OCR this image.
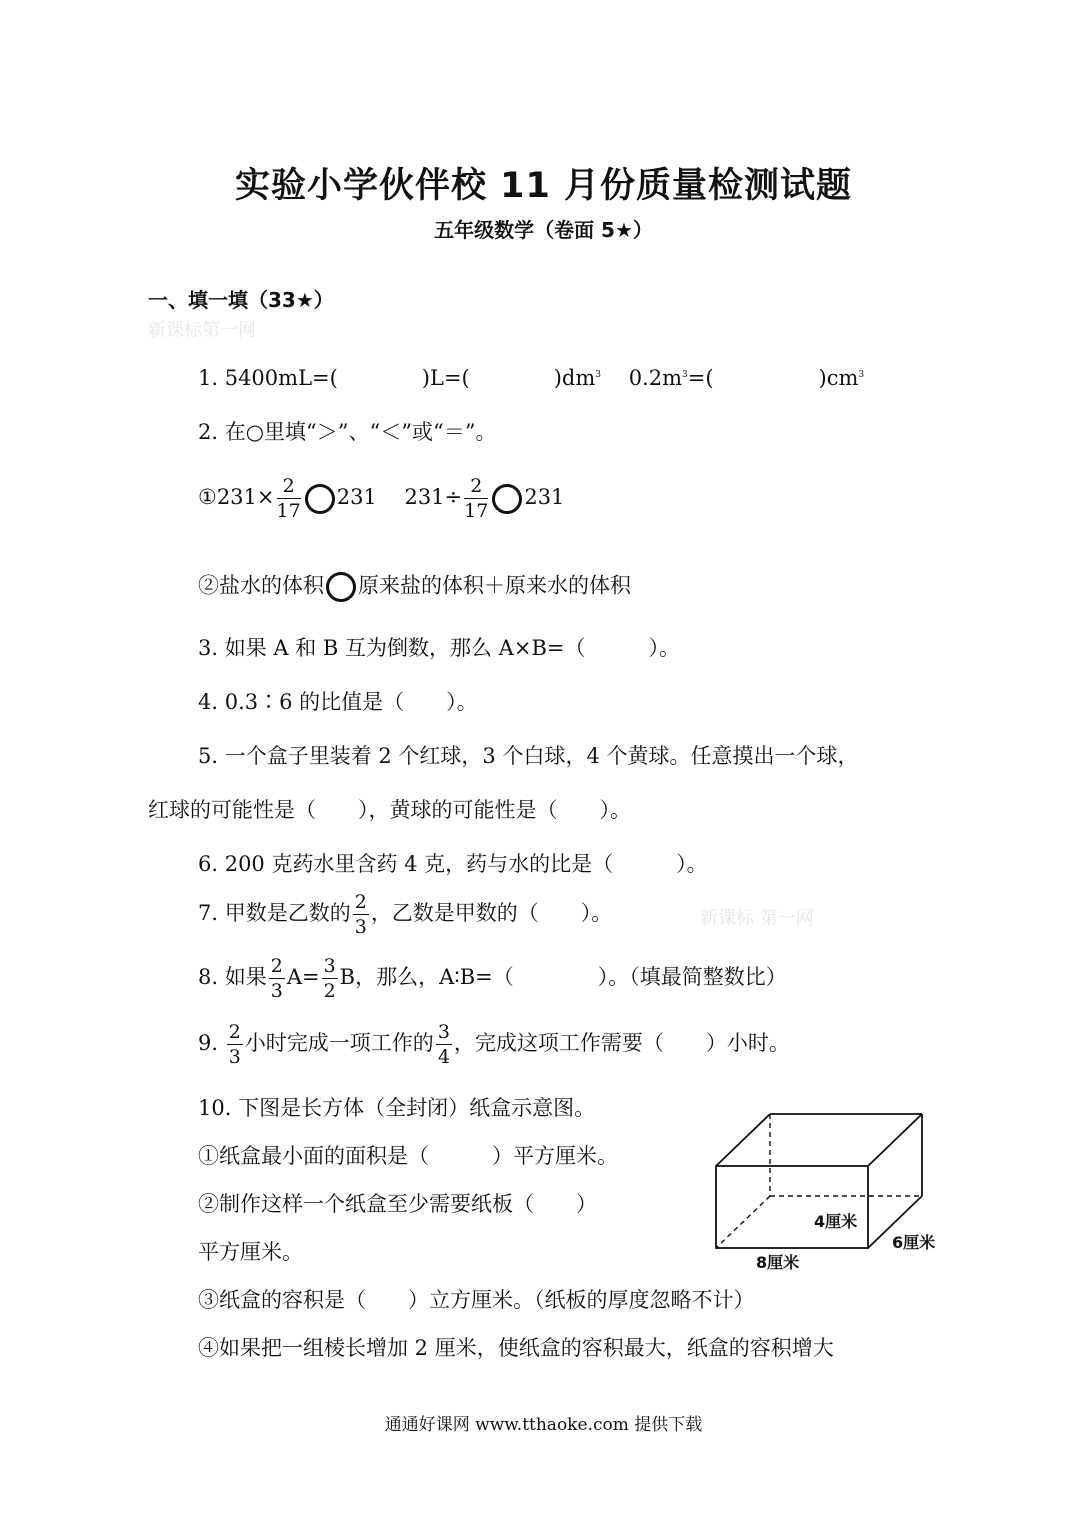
实验小学伙伴校 11 月份质量检测试题
五年级数学（卷面 5★）
一、填一填（33★）
新课标第一网
1. 5400mL=(　　　　)L=(　　　　)$dm^3$　 $0.2m^3=$(　　　　　)$cm^3$
2. 在○里填“＞”、“＜”或“＝”。
①231× $\frac{2}{17} 231$　 $231\div \frac{2}{17} 231$
②盐水的体积 原来盐的体积＋原来水的体积
3. 如果 A 和 B 互为倒数，那么 A×B=（　　　）。
4. 0.3∶6 的比值是（　　）。
5. 一个盒子里装着 2 个红球，3 个白球，4 个黄球。任意摸出一个球，
红球的可能性是（　　），黄球的可能性是（　　）。
6. 200 克药水里含药 4 克，药与水的比是（　　　）。
7. 甲数是乙数的 $\frac{2}{3}$ ，乙数是甲数的（　　）。	新课标 第一网
8. 如果 $\frac{2}{3} A= \frac{3}{2}$ B，那么，A∶B=（　　　　）。（填最简整数比）
9. $\frac{2}{3}$ 小时完成一项工作的 $\frac{3}{4}$ ，完成这项工作需要（　　）小时。
10. 下图是长方体（全封闭）纸盒示意图。
①纸盒最小面的面积是（　　　）平方厘米。
②制作这样一个纸盒至少需要纸板（　　）
平方厘米。
③纸盒的容积是（　　）立方厘米。（纸板的厚度忽略不计）
④如果把一组棱长增加 2 厘米，使纸盒的容积最大，纸盒的容积增大
4厘米
8厘米
6厘米
通通好课网 www.tthaoke.com 提供下载
